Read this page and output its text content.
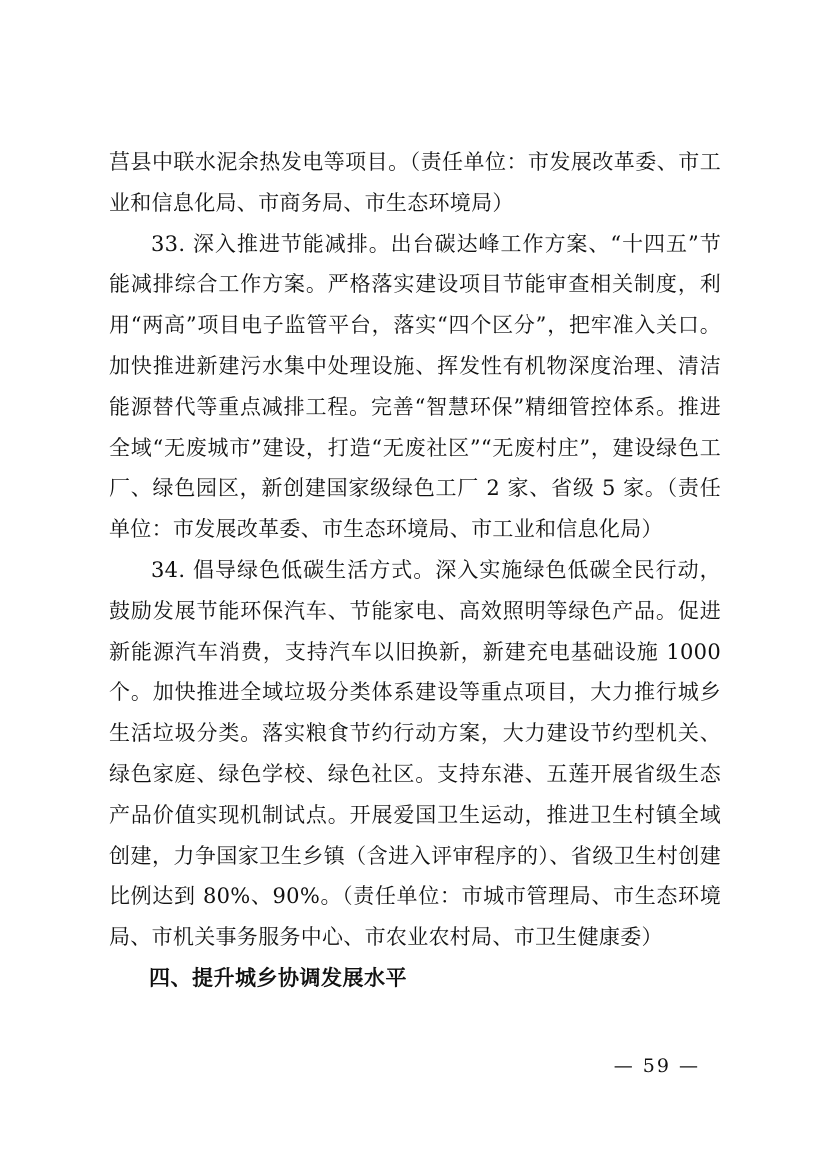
莒县中联水泥余热发电等项目。（责任单位：市发展改革委、市工业和信息化局、市商务局、市生态环境局）

33. 深入推进节能减排。出台碳达峰工作方案、“十四五”节能减排综合工作方案。严格落实建设项目节能审查相关制度，利用“两高”项目电子监管平台，落实“四个区分”，把牢准入关口。加快推进新建污水集中处理设施、挥发性有机物深度治理、清洁能源替代等重点减排工程。完善“智慧环保”精细管控体系。推进全域“无废城市”建设，打造“无废社区”“无废村庄”，建设绿色工厂、绿色园区，新创建国家级绿色工厂 2 家、省级 5 家。（责任单位：市发展改革委、市生态环境局、市工业和信息化局）

34. 倡导绿色低碳生活方式。深入实施绿色低碳全民行动，鼓励发展节能环保汽车、节能家电、高效照明等绿色产品。促进新能源汽车消费，支持汽车以旧换新，新建充电基础设施 1000 个。加快推进全域垃圾分类体系建设等重点项目，大力推行城乡生活垃圾分类。落实粮食节约行动方案，大力建设节约型机关、绿色家庭、绿色学校、绿色社区。支持东港、五莲开展省级生态产品价值实现机制试点。开展爱国卫生运动，推进卫生村镇全域创建，力争国家卫生乡镇（含进入评审程序的）、省级卫生村创建比例达到 80%、90%。（责任单位：市城市管理局、市生态环境局、市机关事务服务中心、市农业农村局、市卫生健康委）

四、提升城乡协调发展水平

— 59 —
